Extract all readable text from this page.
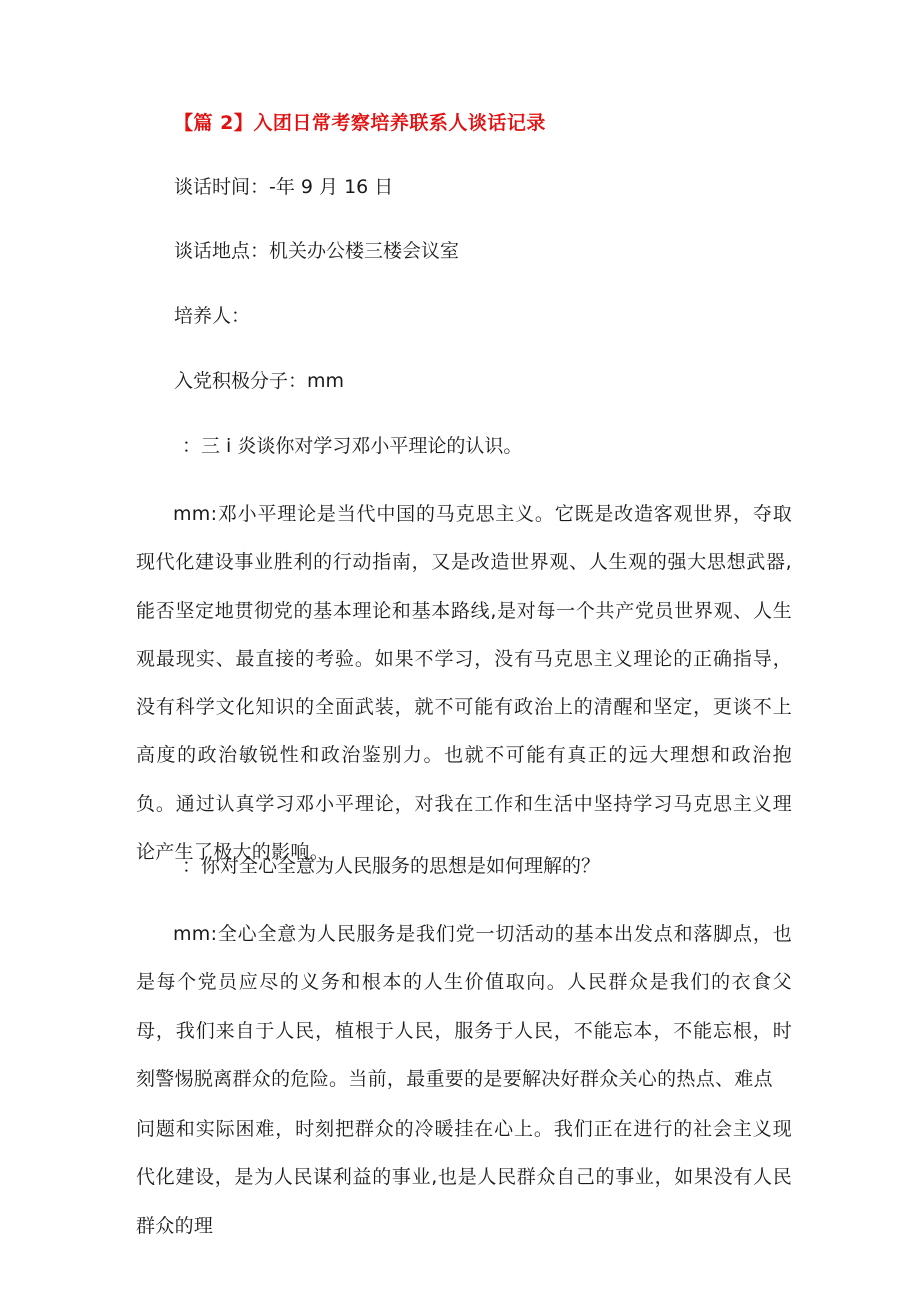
【篇 2】入团日常考察培养联系人谈话记录
谈话时间：-年 9 月 16 日
谈话地点：机关办公楼三楼会议室
培养人：
入党积极分子：mm
：三 i 炎谈你对学习邓小平理论的认识。
mm:邓小平理论是当代中国的马克思主义。它既是改造客观世界，夺取现代化建设事业胜利的行动指南，又是改造世界观、人生观的强大思想武器,能否坚定地贯彻党的基本理论和基本路线,是对每一个共产党员世界观、人生观最现实、最直接的考验。如果不学习，没有马克思主义理论的正确指导，没有科学文化知识的全面武装，就不可能有政治上的清醒和坚定，更谈不上高度的政治敏锐性和政治鉴别力。也就不可能有真正的远大理想和政治抱负。通过认真学习邓小平理论，对我在工作和生活中坚持学习马克思主义理论产生了极大的影响。
：你对全心全意为人民服务的思想是如何理解的？
mm:全心全意为人民服务是我们党一切活动的基本出发点和落脚点，也是每个党员应尽的义务和根本的人生价值取向。人民群众是我们的衣食父母，我们来自于人民，植根于人民，服务于人民，不能忘本，不能忘根，时刻警惕脱离群众的危险。当前，最重要的是要解决好群众关心的热点、难点
问题和实际困难，时刻把群众的冷暖挂在心上。我们正在进行的社会主义现代化建设，是为人民谋利益的事业,也是人民群众自己的事业，如果没有人民群众的理
